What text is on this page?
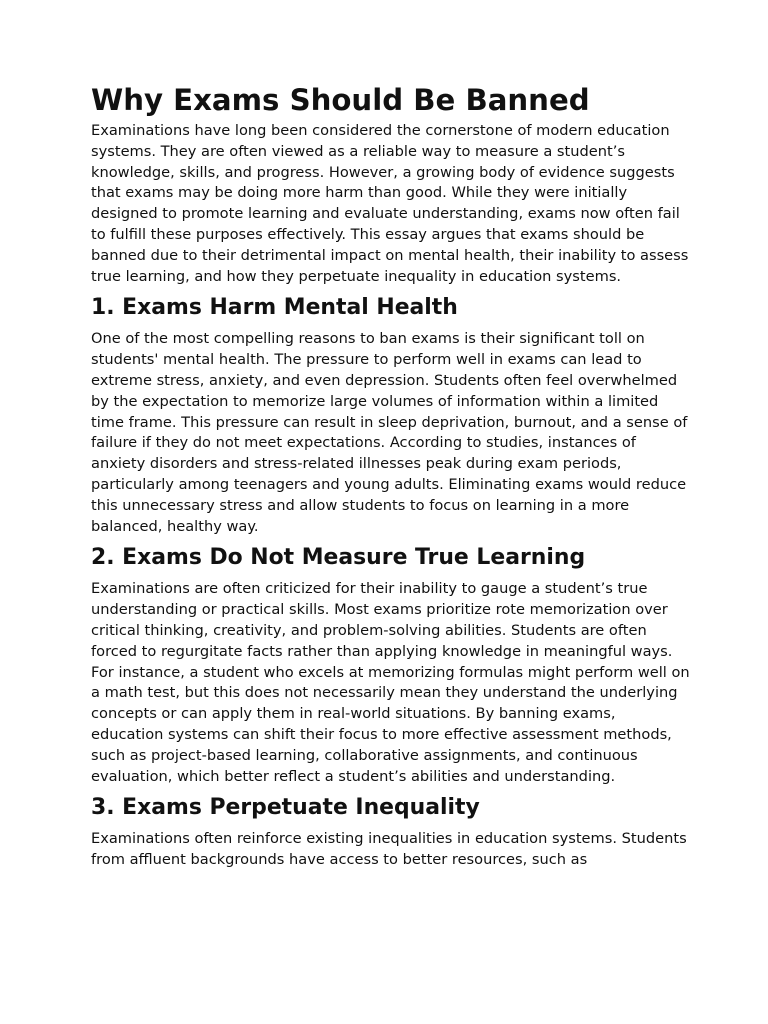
Why Exams Should Be Banned

Examinations have long been considered the cornerstone of modern education systems. They are often viewed as a reliable way to measure a student’s knowledge, skills, and progress. However, a growing body of evidence suggests that exams may be doing more harm than good. While they were initially designed to promote learning and evaluate understanding, exams now often fail to fulfill these purposes effectively. This essay argues that exams should be banned due to their detrimental impact on mental health, their inability to assess true learning, and how they perpetuate inequality in education systems.

1. Exams Harm Mental Health

One of the most compelling reasons to ban exams is their significant toll on students' mental health. The pressure to perform well in exams can lead to extreme stress, anxiety, and even depression. Students often feel overwhelmed by the expectation to memorize large volumes of information within a limited time frame. This pressure can result in sleep deprivation, burnout, and a sense of failure if they do not meet expectations. According to studies, instances of anxiety disorders and stress-related illnesses peak during exam periods, particularly among teenagers and young adults. Eliminating exams would reduce this unnecessary stress and allow students to focus on learning in a more balanced, healthy way.

2. Exams Do Not Measure True Learning

Examinations are often criticized for their inability to gauge a student’s true understanding or practical skills. Most exams prioritize rote memorization over critical thinking, creativity, and problem-solving abilities. Students are often forced to regurgitate facts rather than applying knowledge in meaningful ways. For instance, a student who excels at memorizing formulas might perform well on a math test, but this does not necessarily mean they understand the underlying concepts or can apply them in real-world situations. By banning exams, education systems can shift their focus to more effective assessment methods, such as project-based learning, collaborative assignments, and continuous evaluation, which better reflect a student’s abilities and understanding.

3. Exams Perpetuate Inequality

Examinations often reinforce existing inequalities in education systems. Students from affluent backgrounds have access to better resources, such as
